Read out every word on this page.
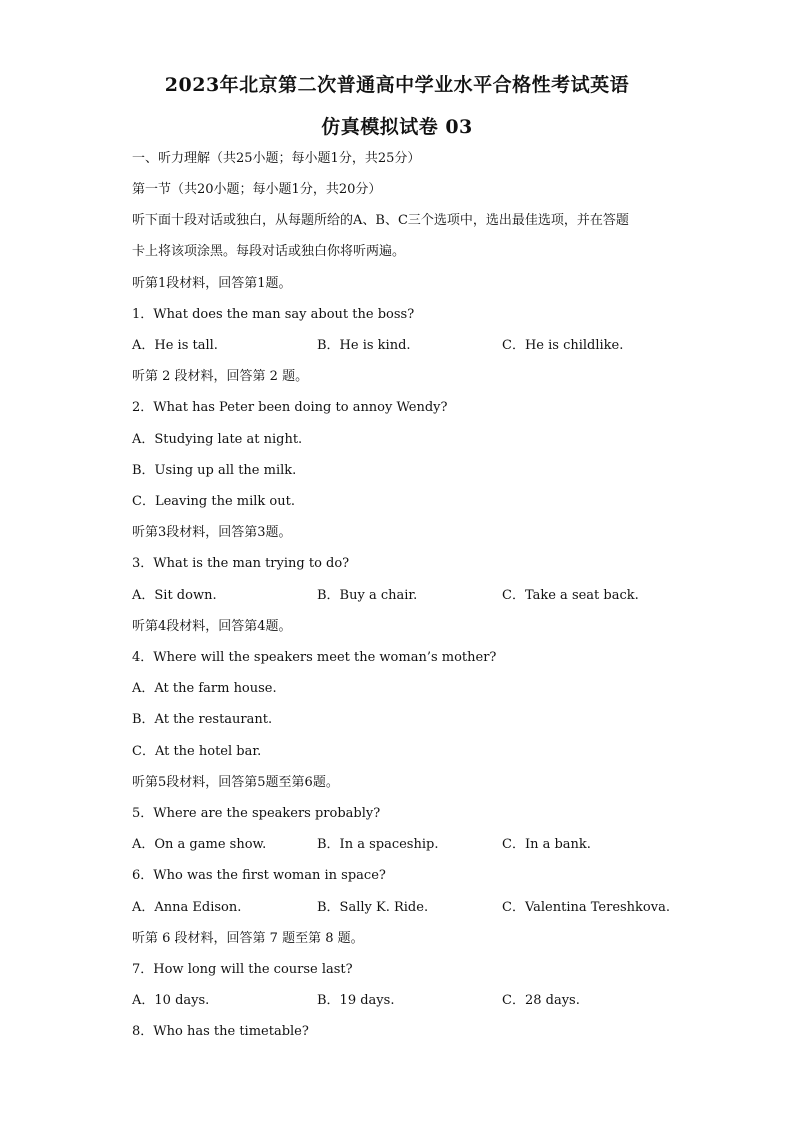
2023年北京第二次普通高中学业水平合格性考试英语
仿真模拟试卷 03
一、听力理解（共25小题；每小题1分，共25分）
第一节（共20小题；每小题1分，共20分）
听下面十段对话或独白，从每题所给的A、B、C三个选项中，选出最佳选项，并在答题
卡上将该项涂黑。每段对话或独白你将听两遍。
听第1段材料，回答第1题。
1．What does the man say about the boss?
A．He is tall.	B．He is kind.	C．He is childlike.
听第 2 段材料，回答第 2 题。
2．What has Peter been doing to annoy Wendy?
A．Studying late at night.
B．Using up all the milk.
C．Leaving the milk out.
听第3段材料，回答第3题。
3．What is the man trying to do?
A．Sit down.	B．Buy a chair.	C．Take a seat back.
听第4段材料，回答第4题。
4．Where will the speakers meet the woman’s mother?
A．At the farm house.
B．At the restaurant.
C．At the hotel bar.
听第5段材料，回答第5题至第6题。
5．Where are the speakers probably?
A．On a game show.	B．In a spaceship.	C．In a bank.
6．Who was the first woman in space?
A．Anna Edison.	B．Sally K. Ride.	C．Valentina Tereshkova.
听第 6 段材料，回答第 7 题至第 8 题。
7．How long will the course last?
A．10 days.	B．19 days.	C．28 days.
8．Who has the timetable?
